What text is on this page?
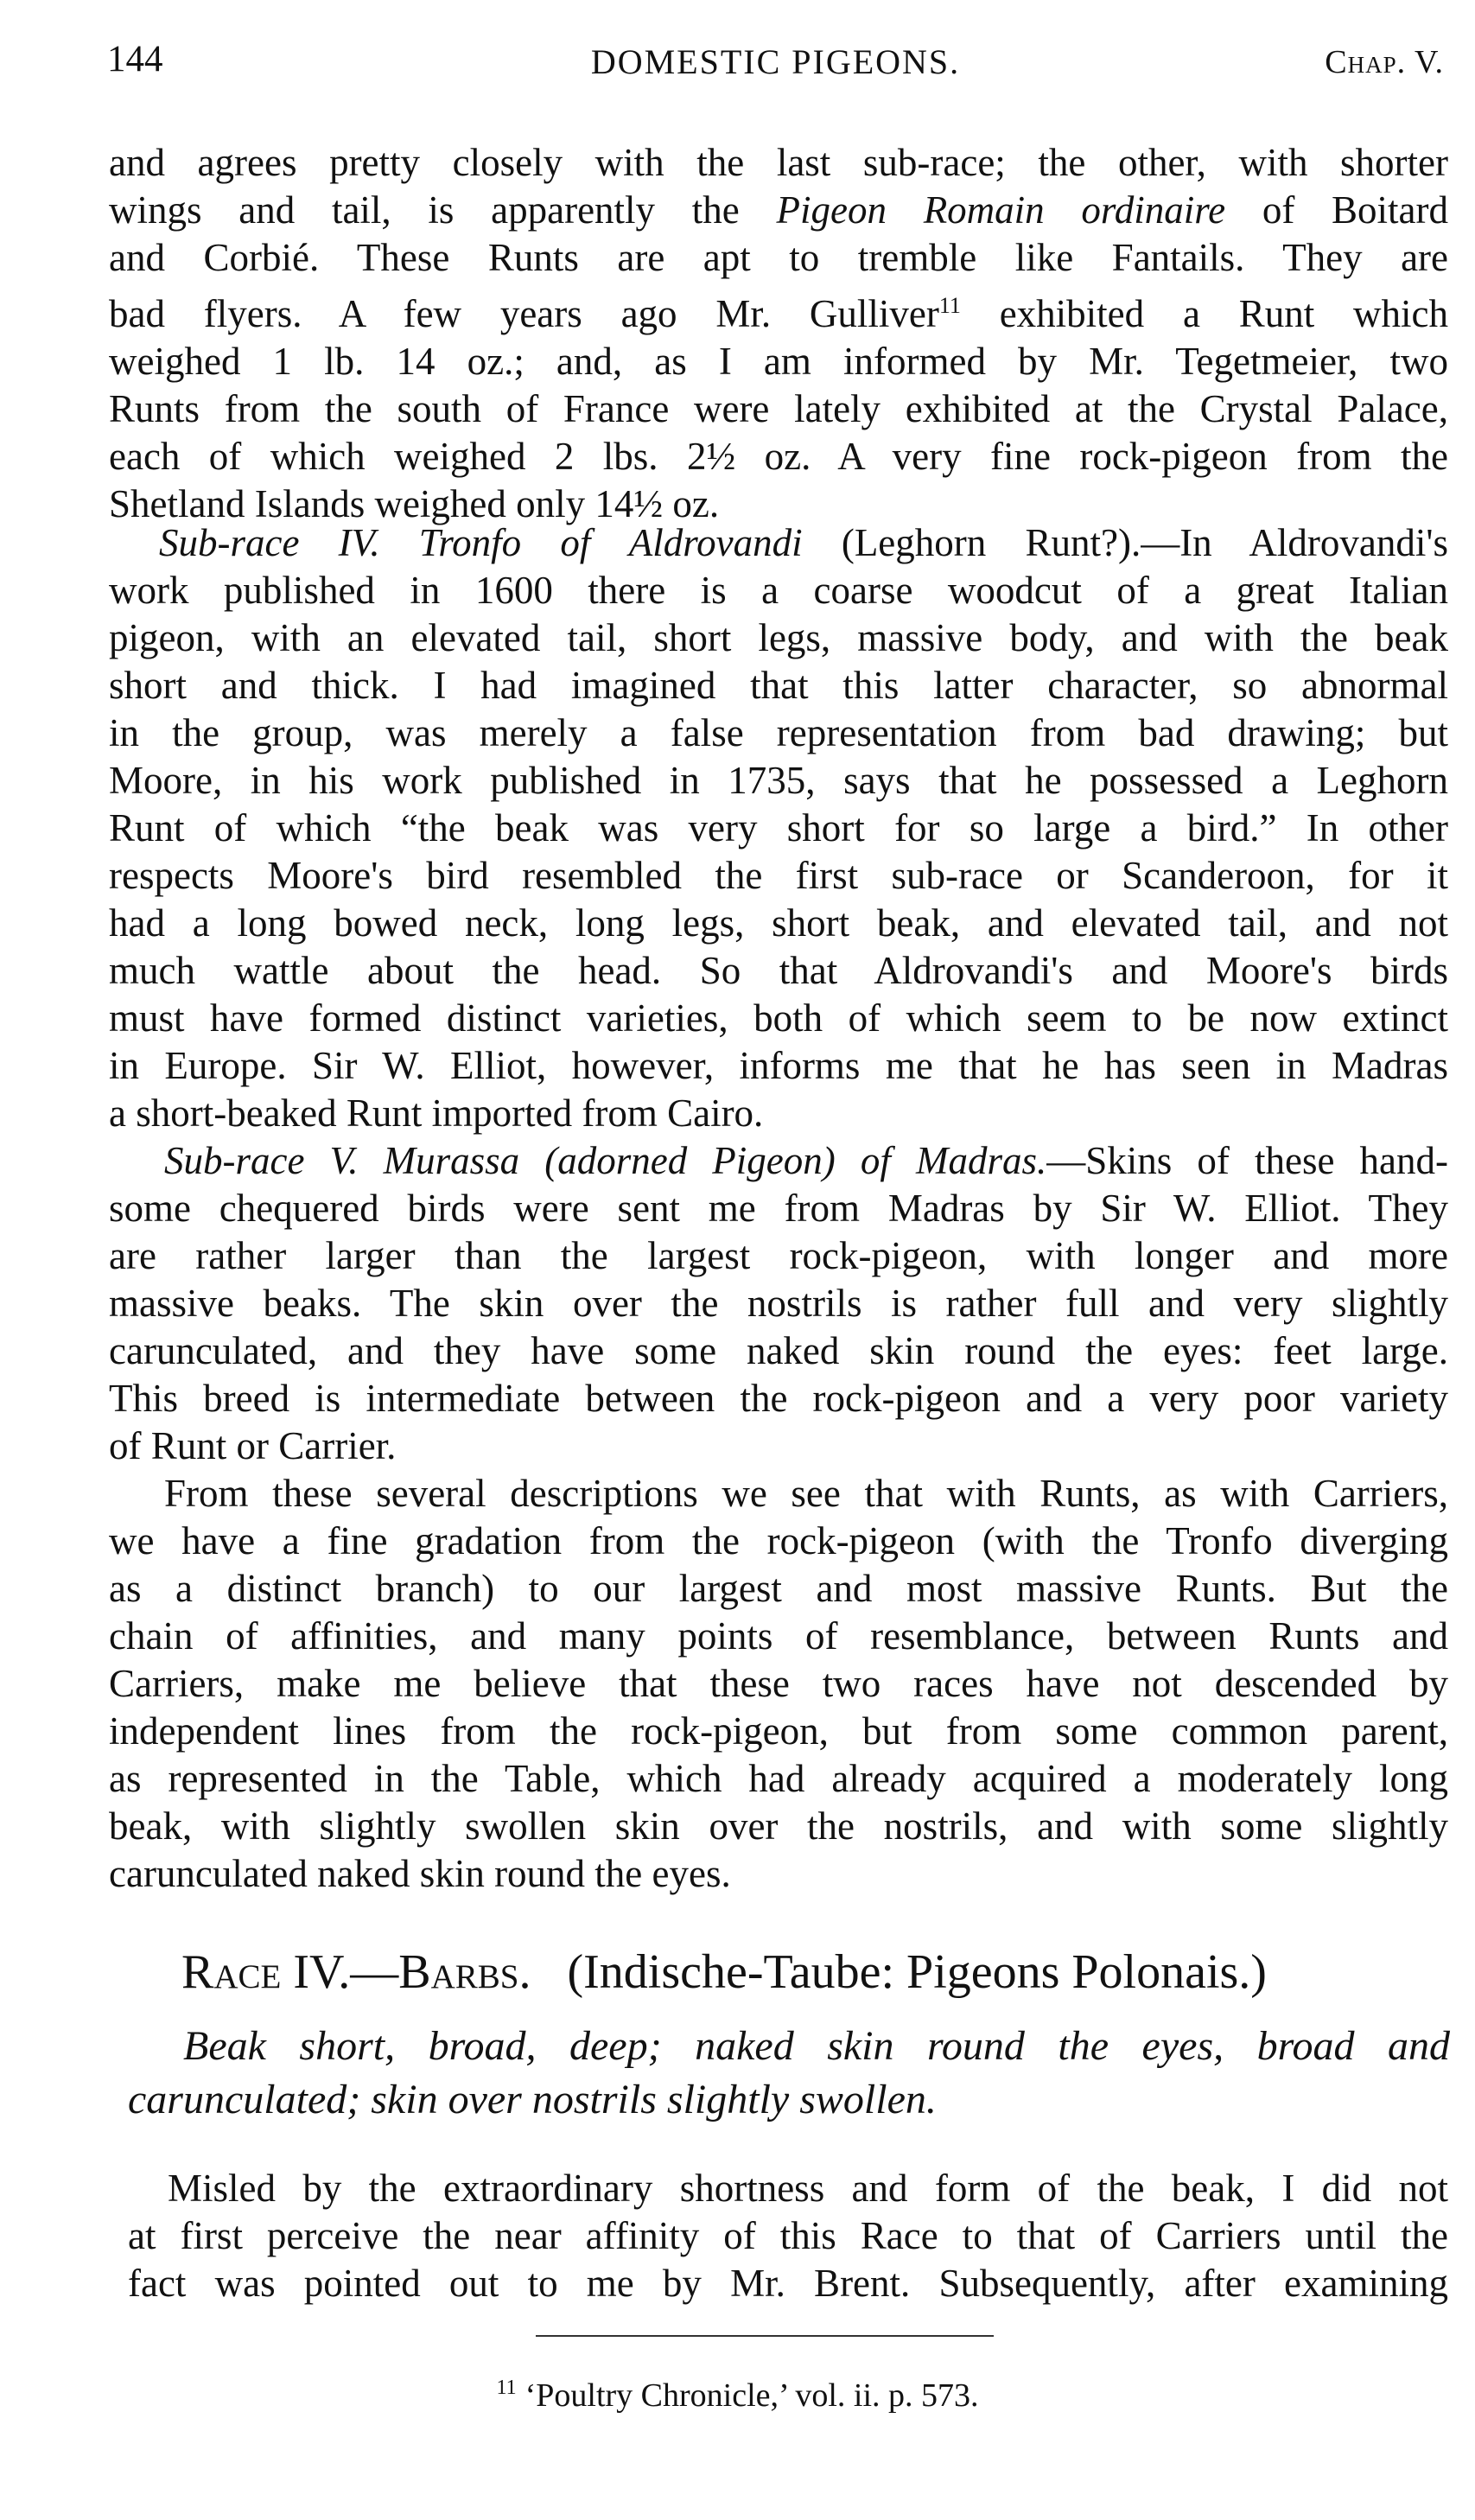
144	DOMESTIC PIGEONS.	Chap. V.
and agrees pretty closely with the last sub-race; the other, with shorter
wings and tail, is apparently the Pigeon Romain ordinaire of Boitard
and Corbié. These Runts are apt to tremble like Fantails. They are
bad flyers. A few years ago Mr. Gulliver$^{11}$ exhibited a Runt which
weighed 1 lb. 14 oz.; and, as I am informed by Mr. Tegetmeier, two
Runts from the south of France were lately exhibited at the Crystal Palace,
each of which weighed 2 lbs. 2½ oz. A very fine rock-pigeon from the
Shetland Islands weighed only 14½ oz.
Sub-race IV. Tronfo of Aldrovandi (Leghorn Runt?).—In Aldrovandi's
work published in 1600 there is a coarse woodcut of a great Italian
pigeon, with an elevated tail, short legs, massive body, and with the beak
short and thick. I had imagined that this latter character, so abnormal
in the group, was merely a false representation from bad drawing; but
Moore, in his work published in 1735, says that he possessed a Leghorn
Runt of which “the beak was very short for so large a bird.” In other
respects Moore's bird resembled the first sub-race or Scanderoon, for it
had a long bowed neck, long legs, short beak, and elevated tail, and not
much wattle about the head. So that Aldrovandi's and Moore's birds
must have formed distinct varieties, both of which seem to be now extinct
in Europe. Sir W. Elliot, however, informs me that he has seen in Madras
a short-beaked Runt imported from Cairo.
Sub-race V. Murassa (adorned Pigeon) of Madras.—Skins of these hand-
some chequered birds were sent me from Madras by Sir W. Elliot. They
are rather larger than the largest rock-pigeon, with longer and more
massive beaks. The skin over the nostrils is rather full and very slightly
carunculated, and they have some naked skin round the eyes: feet large.
This breed is intermediate between the rock-pigeon and a very poor variety
of Runt or Carrier.
From these several descriptions we see that with Runts, as with Carriers,
we have a fine gradation from the rock-pigeon (with the Tronfo diverging
as a distinct branch) to our largest and most massive Runts. But the
chain of affinities, and many points of resemblance, between Runts and
Carriers, make me believe that these two races have not descended by
independent lines from the rock-pigeon, but from some common parent,
as represented in the Table, which had already acquired a moderately long
beak, with slightly swollen skin over the nostrils, and with some slightly
carunculated naked skin round the eyes.
Race IV.—Barbs. (Indische-Taube: Pigeons Polonais.)
Beak short, broad, deep; naked skin round the eyes, broad and
carunculated; skin over nostrils slightly swollen.
Misled by the extraordinary shortness and form of the beak, I did not
at first perceive the near affinity of this Race to that of Carriers until the
fact was pointed out to me by Mr. Brent. Subsequently, after examining
$^{11}$ ‘Poultry Chronicle,’ vol. ii. p. 573.
